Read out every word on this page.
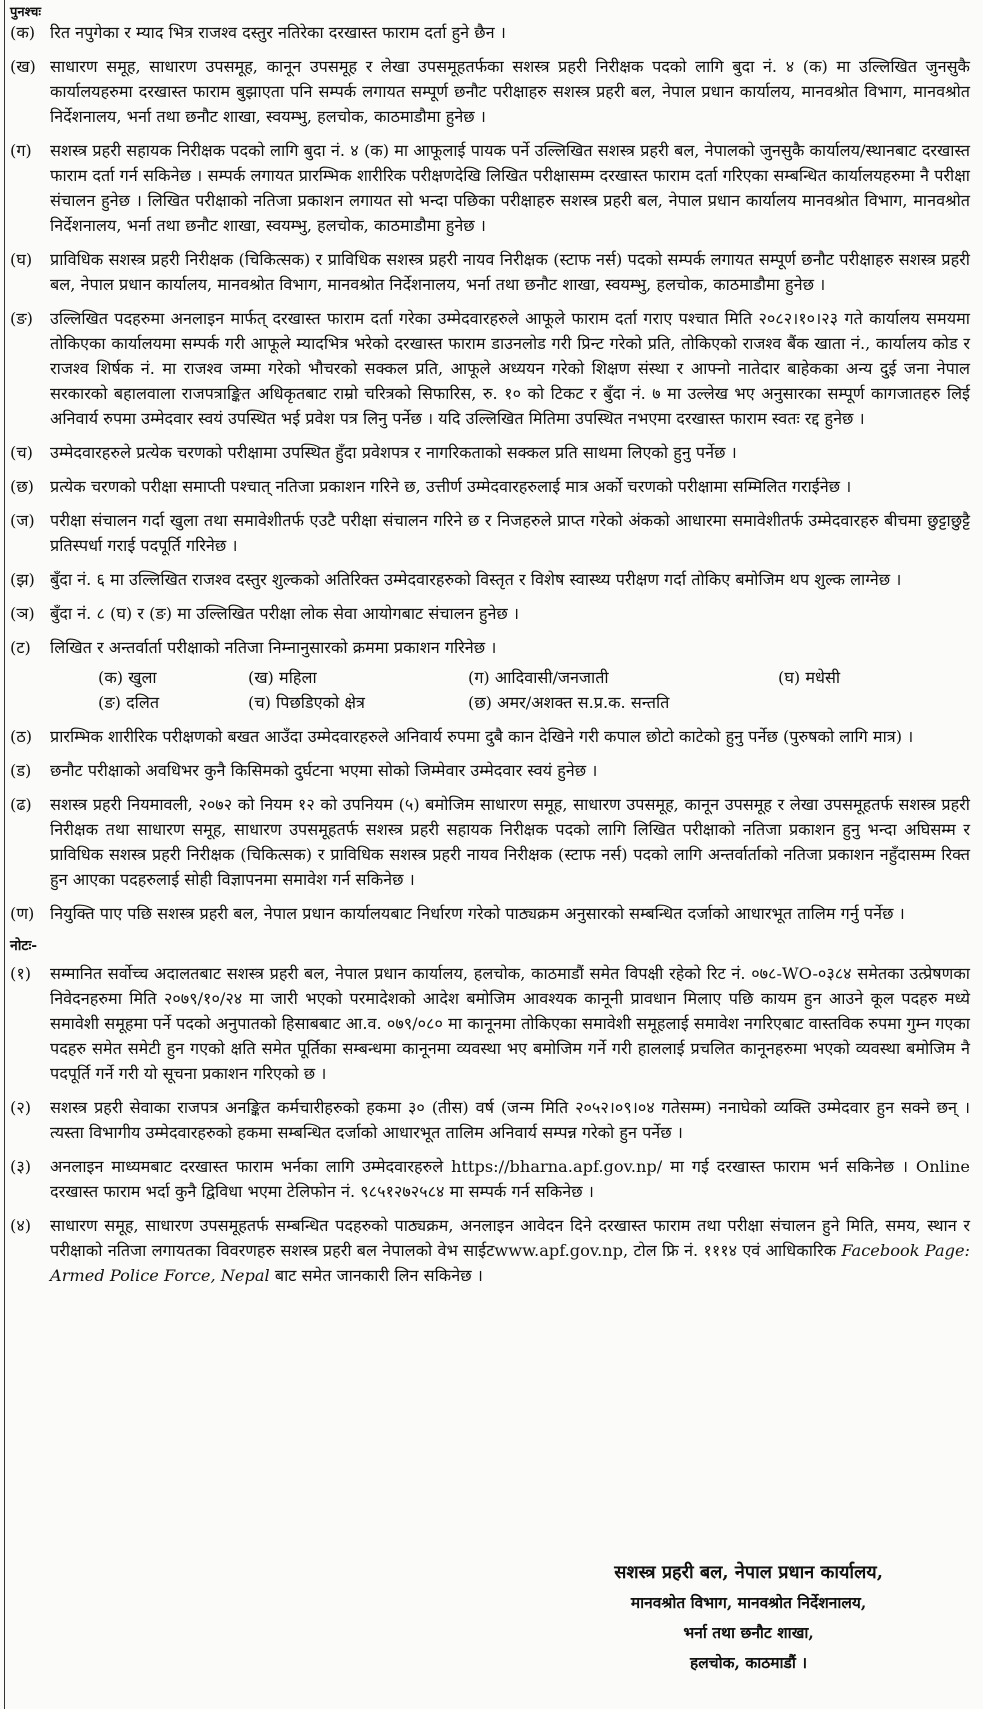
पुनश्चः
(क) रित नपुगेका र म्याद भित्र राजश्व दस्तुर नतिरेका दरखास्त फाराम दर्ता हुने छैन ।
(ख) साधारण समूह, साधारण उपसमूह, कानून उपसमूह र लेखा उपसमूहतर्फका सशस्त्र प्रहरी निरीक्षक पदको लागि बुदा नं. ४ (क) मा उल्लिखित जुनसुकै कार्यालयहरुमा दरखास्त फाराम बुझाएता पनि सम्पर्क लगायत सम्पूर्ण छनौट परीक्षाहरु सशस्त्र प्रहरी बल, नेपाल प्रधान कार्यालय, मानवश्रोत विभाग, मानवश्रोत निर्देशनालय, भर्ना तथा छनौट शाखा, स्वयम्भु, हलचोक, काठमाडौमा हुनेछ ।
(ग)	सशस्त्र प्रहरी सहायक निरीक्षक पदको लागि बुदा नं. ४ (क) मा आफूलाई पायक पर्ने उल्लिखित सशस्त्र प्रहरी बल, नेपालको जुनसुकै कार्यालय/स्थानबाट दरखास्त फाराम दर्ता गर्न सकिनेछ । सम्पर्क लगायत प्रारम्भिक शारीरिक परीक्षणदेखि लिखित परीक्षासम्म दरखास्त फाराम दर्ता गरिएका सम्बन्धित कार्यालयहरुमा नै परीक्षा संचालन हुनेछ । लिखित परीक्षाको नतिजा प्रकाशन लगायत सो भन्दा पछिका परीक्षाहरु सशस्त्र प्रहरी बल, नेपाल प्रधान कार्यालय मानवश्रोत विभाग, मानवश्रोत निर्देशनालय, भर्ना तथा छनौट शाखा, स्वयम्भु, हलचोक, काठमाडौमा हुनेछ ।
(घ)	प्राविधिक सशस्त्र प्रहरी निरीक्षक (चिकित्सक) र प्राविधिक सशस्त्र प्रहरी नायव निरीक्षक (स्टाफ नर्स) पदको सम्पर्क लगायत सम्पूर्ण छनौट परीक्षाहरु सशस्त्र प्रहरी बल, नेपाल प्रधान कार्यालय, मानवश्रोत विभाग, मानवश्रोत निर्देशनालय, भर्ना तथा छनौट शाखा, स्वयम्भु, हलचोक, काठमाडौमा हुनेछ ।
(ङ)	उल्लिखित पदहरुमा अनलाइन मार्फत् दरखास्त फाराम दर्ता गरेका उम्मेदवारहरुले आफूले फाराम दर्ता गराए पश्चात मिति २०८२।१०।२३ गते कार्यालय समयमा तोकिएका कार्यालयमा सम्पर्क गरी आफूले म्यादभित्र भरेको दरखास्त फाराम डाउनलोड गरी प्रिन्ट गरेको प्रति, तोकिएको राजश्व बैंक खाता नं., कार्यालय कोड र राजश्व शिर्षक नं. मा राजश्व जम्मा गरेको भौचरको सक्कल प्रति, आफूले अध्ययन गरेको शिक्षण संस्था र आफ्नो नातेदार बाहेकका अन्य दुई जना नेपाल सरकारको बहालवाला राजपत्राङ्कित अधिकृतबाट राम्रो चरित्रको सिफारिस, रु. १० को टिकट र बुँदा नं. ७ मा उल्लेख भए अनुसारका सम्पूर्ण कागजातहरु लिई अनिवार्य रुपमा उम्मेदवार स्वयं उपस्थित भई प्रवेश पत्र लिनु पर्नेछ । यदि उल्लिखित मितिमा उपस्थित नभएमा दरखास्त फाराम स्वतः रद्द हुनेछ ।
(च)	उम्मेदवारहरुले प्रत्येक चरणको परीक्षामा उपस्थित हुँदा प्रवेशपत्र र नागरिकताको सक्कल प्रति साथमा लिएको हुनु पर्नेछ ।
(छ) प्रत्येक चरणको परीक्षा समाप्ती पश्चात् नतिजा प्रकाशन गरिने छ, उत्तीर्ण उम्मेदवारहरुलाई मात्र अर्को चरणको परीक्षामा सम्मिलित गराईनेछ ।
(ज) परीक्षा संचालन गर्दा खुला तथा समावेशीतर्फ एउटै परीक्षा संचालन गरिने छ र निजहरुले प्राप्त गरेको अंकको आधारमा समावेशीतर्फ उम्मेदवारहरु बीचमा छुट्टाछुट्टै प्रतिस्पर्धा गराई पदपूर्ति गरिनेछ ।
(झ) बुँदा नं. ६ मा उल्लिखित राजश्व दस्तुर शुल्कको अतिरिक्त उम्मेदवारहरुको विस्तृत र विशेष स्वास्थ्य परीक्षण गर्दा तोकिए बमोजिम थप शुल्क लाग्नेछ ।
(ञ) बुँदा नं. ८ (घ) र (ङ) मा उल्लिखित परीक्षा लोक सेवा आयोगबाट संचालन हुनेछ ।
(ट)	लिखित र अन्तर्वार्ता परीक्षाको नतिजा निम्नानुसारको क्रममा प्रकाशन गरिनेछ ।
(क) खुला	(ख) महिला	(ग) आदिवासी/जनजाती	(घ) मधेसी
(ङ) दलित	(च) पिछडिएको क्षेत्र	(छ) अमर/अशक्त स.प्र.क. सन्तति
(ठ)	प्रारम्भिक शारीरिक परीक्षणको बखत आउँदा उम्मेदवारहरुले अनिवार्य रुपमा दुबै कान देखिने गरी कपाल छोटो काटेको हुनु पर्नेछ (पुरुषको लागि मात्र) ।
(ड)	छनौट परीक्षाको अवधिभर कुनै किसिमको दुर्घटना भएमा सोको जिम्मेवार उम्मेदवार स्वयं हुनेछ ।
(ढ)	सशस्त्र प्रहरी नियमावली, २०७२ को नियम १२ को उपनियम (५) बमोजिम साधारण समूह, साधारण उपसमूह, कानून उपसमूह र लेखा उपसमूहतर्फ सशस्त्र प्रहरी निरीक्षक तथा साधारण समूह, साधारण उपसमूहतर्फ सशस्त्र प्रहरी सहायक निरीक्षक पदको लागि लिखित परीक्षाको नतिजा प्रकाशन हुनु भन्दा अघिसम्म र प्राविधिक सशस्त्र प्रहरी निरीक्षक (चिकित्सक) र प्राविधिक सशस्त्र प्रहरी नायव निरीक्षक (स्टाफ नर्स) पदको लागि अन्तर्वार्ताको नतिजा प्रकाशन नहुँदासम्म रिक्त हुन आएका पदहरुलाई सोही विज्ञापनमा समावेश गर्न सकिनेछ ।
(ण) नियुक्ति पाए पछि सशस्त्र प्रहरी बल, नेपाल प्रधान कार्यालयबाट निर्धारण गरेको पाठ्यक्रम अनुसारको सम्बन्धित दर्जाको आधारभूत तालिम गर्नु पर्नेछ ।
नोटः-
(१)	सम्मानित सर्वोच्च अदालतबाट सशस्त्र प्रहरी बल, नेपाल प्रधान कार्यालय, हलचोक, काठमाडौं समेत विपक्षी रहेको रिट नं. ०७८-WO-०३८४ समेतका उत्प्रेषणका निवेदनहरुमा मिति २०७९/१०/२४ मा जारी भएको परमादेशको आदेश बमोजिम आवश्यक कानूनी प्रावधान मिलाए पछि कायम हुन आउने कूल पदहरु मध्ये समावेशी समूहमा पर्ने पदको अनुपातको हिसाबबाट आ.व. ०७९/०८० मा कानूनमा तोकिएका समावेशी समूहलाई समावेश नगरिएबाट वास्तविक रुपमा गुम्न गएका पदहरु समेत समेटी हुन गएको क्षति समेत पूर्तिका सम्बन्धमा कानूनमा व्यवस्था भए बमोजिम गर्ने गरी हाललाई प्रचलित कानूनहरुमा भएको व्यवस्था बमोजिम नै पदपूर्ति गर्ने गरी यो सूचना प्रकाशन गरिएको छ ।
(२)	सशस्त्र प्रहरी सेवाका राजपत्र अनङ्कित कर्मचारीहरुको हकमा ३० (तीस) वर्ष (जन्म मिति २०५२।०९।०४ गतेसम्म) ननाघेको व्यक्ति उम्मेदवार हुन सक्ने छन् । त्यस्ता विभागीय उम्मेदवारहरुको हकमा सम्बन्धित दर्जाको आधारभूत तालिम अनिवार्य सम्पन्न गरेको हुन पर्नेछ ।
(३)	अनलाइन माध्यमबाट दरखास्त फाराम भर्नका लागि उम्मेदवारहरुले https://bharna.apf.gov.np/ मा गई दरखास्त फाराम भर्न सकिनेछ । Online दरखास्त फाराम भर्दा कुनै द्विविधा भएमा टेलिफोन नं. ९८५१२७२५८४ मा सम्पर्क गर्न सकिनेछ ।
(४)	साधारण समूह, साधारण उपसमूहतर्फ सम्बन्धित पदहरुको पाठ्यक्रम, अनलाइन आवेदन दिने दरखास्त फाराम तथा परीक्षा संचालन हुने मिति, समय, स्थान र परीक्षाको नतिजा लगायतका विवरणहरु सशस्त्र प्रहरी बल नेपालको वेभ साईटwww.apf.gov.np, टोल फ्रि नं. १११४ एवं आधिकारिक Facebook Page: Armed Police Force, Nepal बाट समेत जानकारी लिन सकिनेछ ।
सशस्त्र प्रहरी बल, नेपाल प्रधान कार्यालय,
मानवश्रोत विभाग, मानवश्रोत निर्देशनालय,
भर्ना तथा छनौट शाखा,
हलचोक, काठमाडौं ।
